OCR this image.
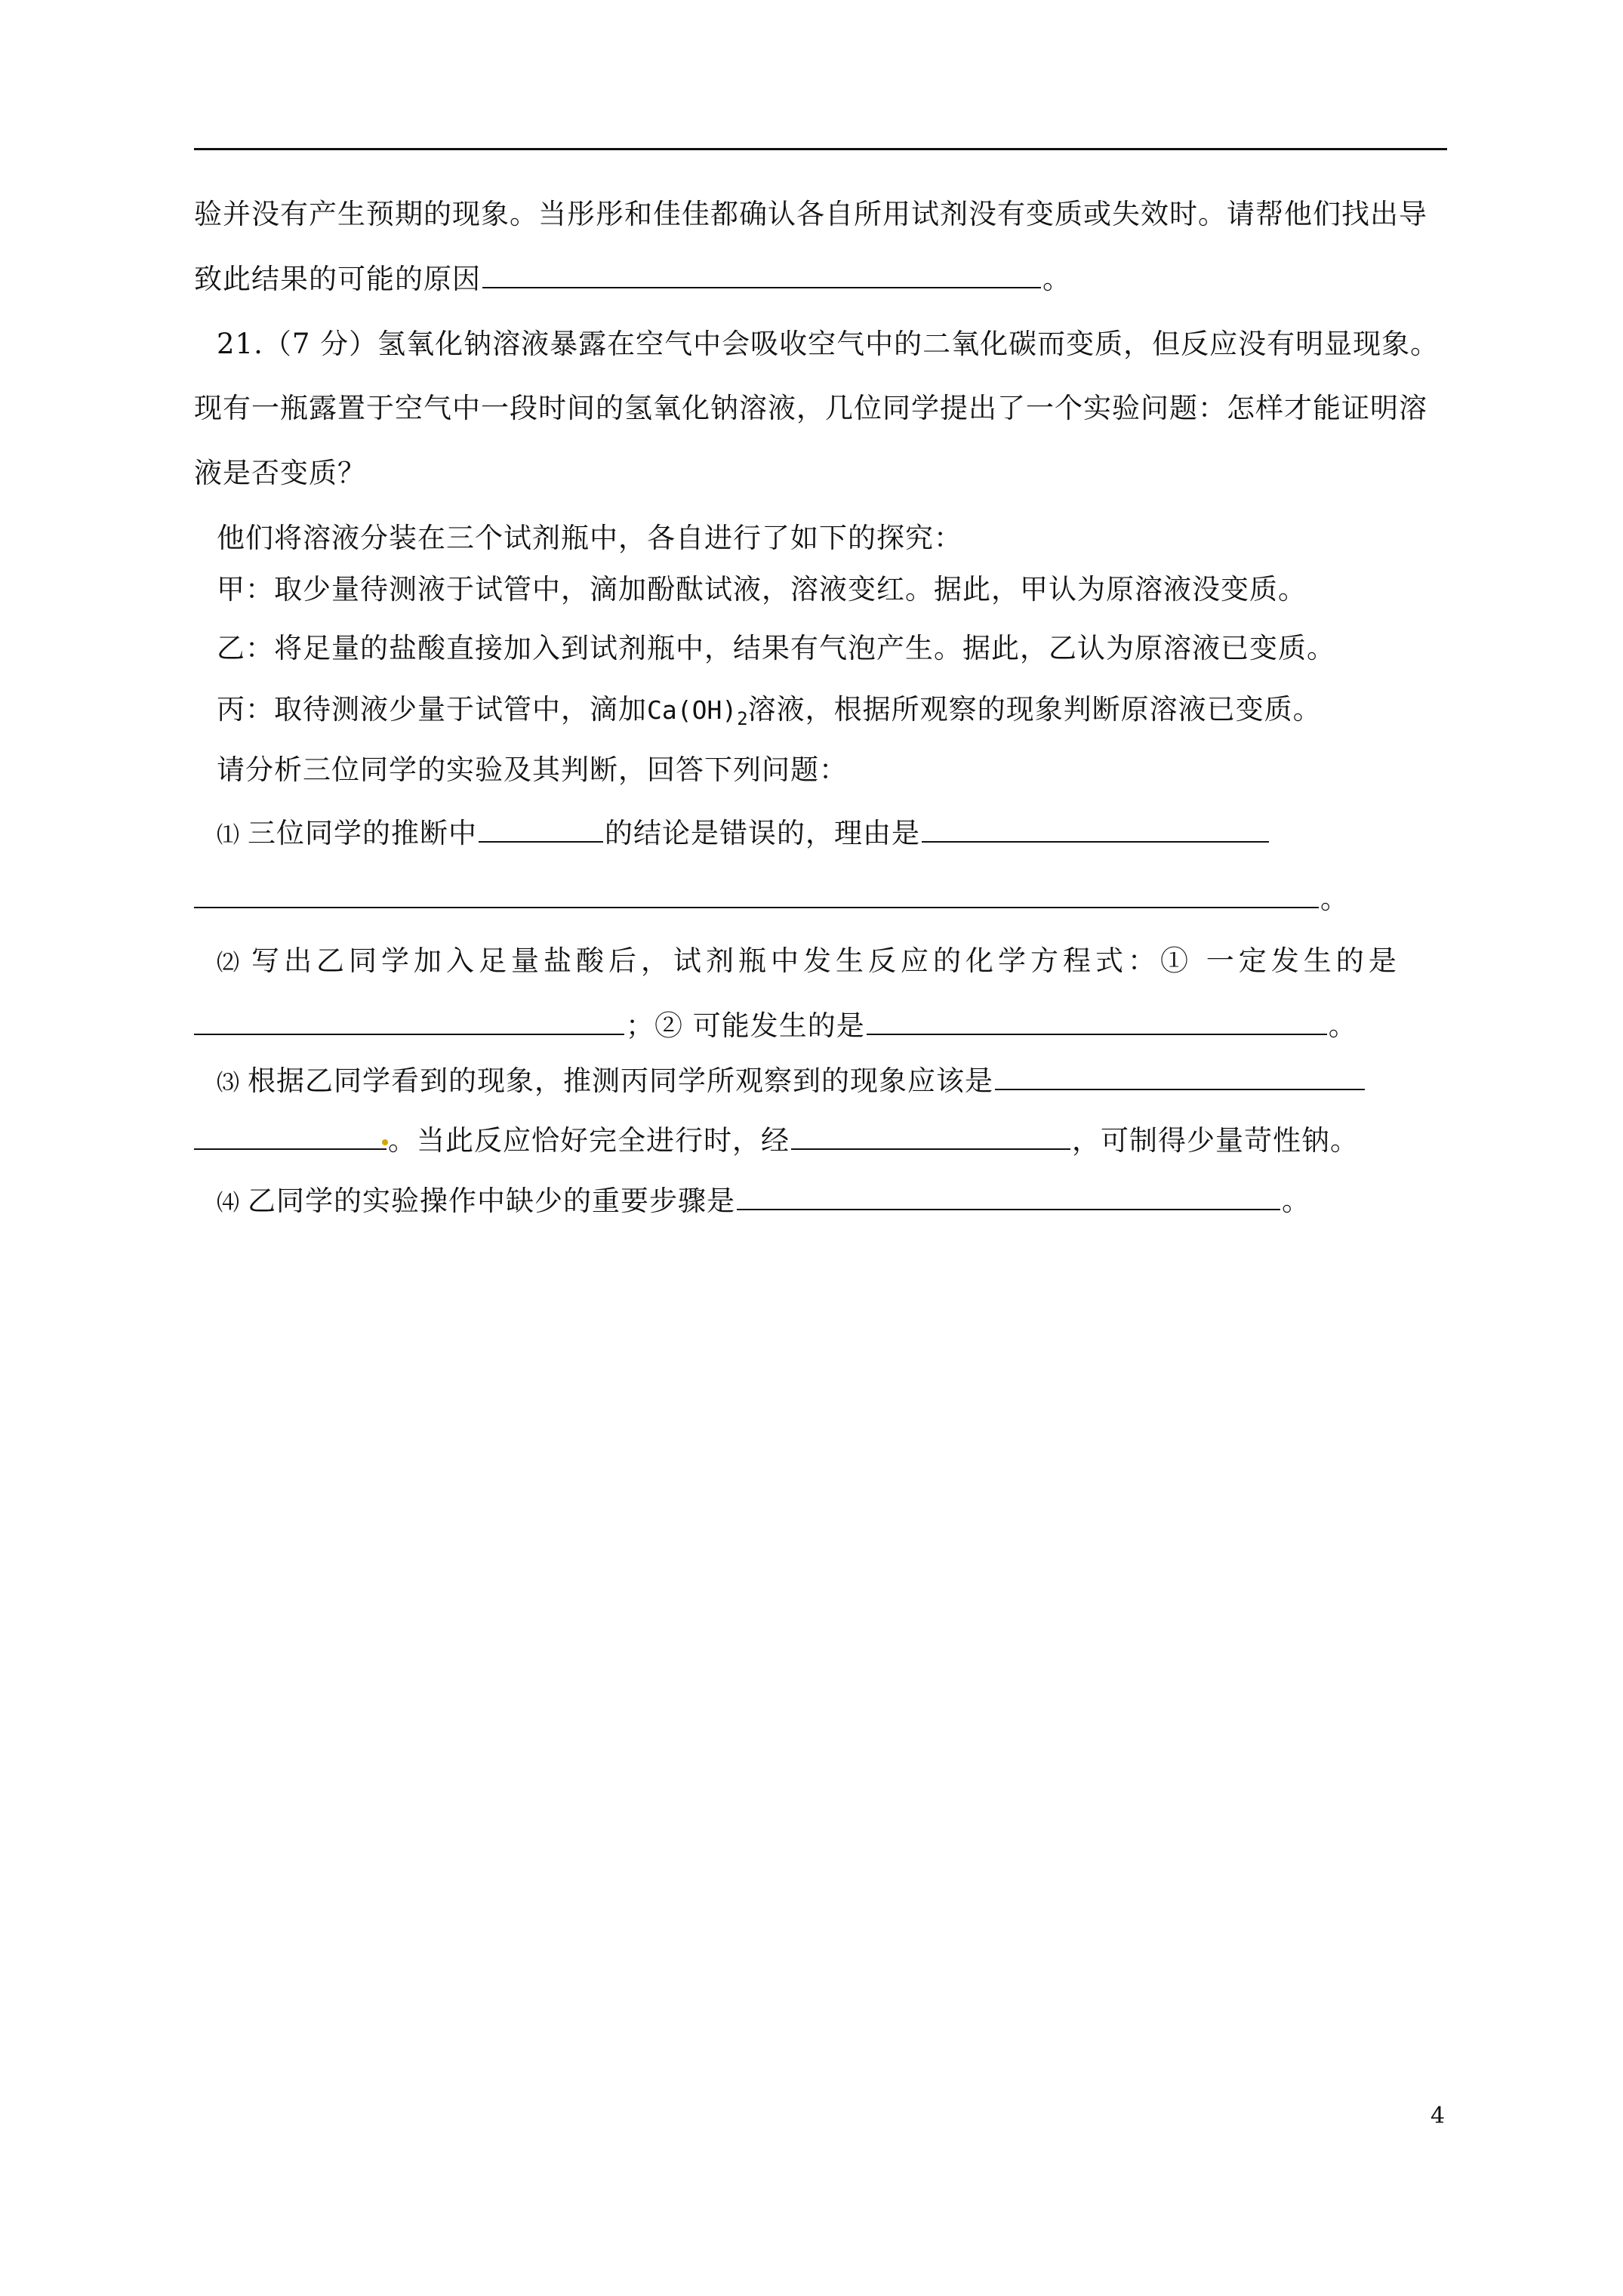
验并没有产生预期的现象。当彤彤和佳佳都确认各自所用试剂没有变质或失效时。请帮他们找出导
致此结果的可能的原因	。
21.（7 分）氢氧化钠溶液暴露在空气中会吸收空气中的二氧化碳而变质，但反应没有明显现象。
现有一瓶露置于空气中一段时间的氢氧化钠溶液，几位同学提出了一个实验问题：怎样才能证明溶
液是否变质？
他们将溶液分装在三个试剂瓶中，各自进行了如下的探究：
甲：取少量待测液于试管中，滴加酚酞试液，溶液变红。据此，甲认为原溶液没变质。
乙：将足量的盐酸直接加入到试剂瓶中，结果有气泡产生。据此，乙认为原溶液已变质。
丙：取待测液少量于试管中，滴加$Ca(OH)_2$溶液，根据所观察的现象判断原溶液已变质。
请分析三位同学的实验及其判断，回答下列问题：
⑴ 三位同学的推断中	的结论是错误的，理由是
。
⑵ 写出乙同学加入足量盐酸后，试剂瓶中发生反应的化学方程式：① 一定发生的是
；② 可能发生的是	。
⑶ 根据乙同学看到的现象，推测丙同学所观察到的现象应该是
。当此反应恰好完全进行时，经	，可制得少量苛性钠。
⑷ 乙同学的实验操作中缺少的重要步骤是	。
4
